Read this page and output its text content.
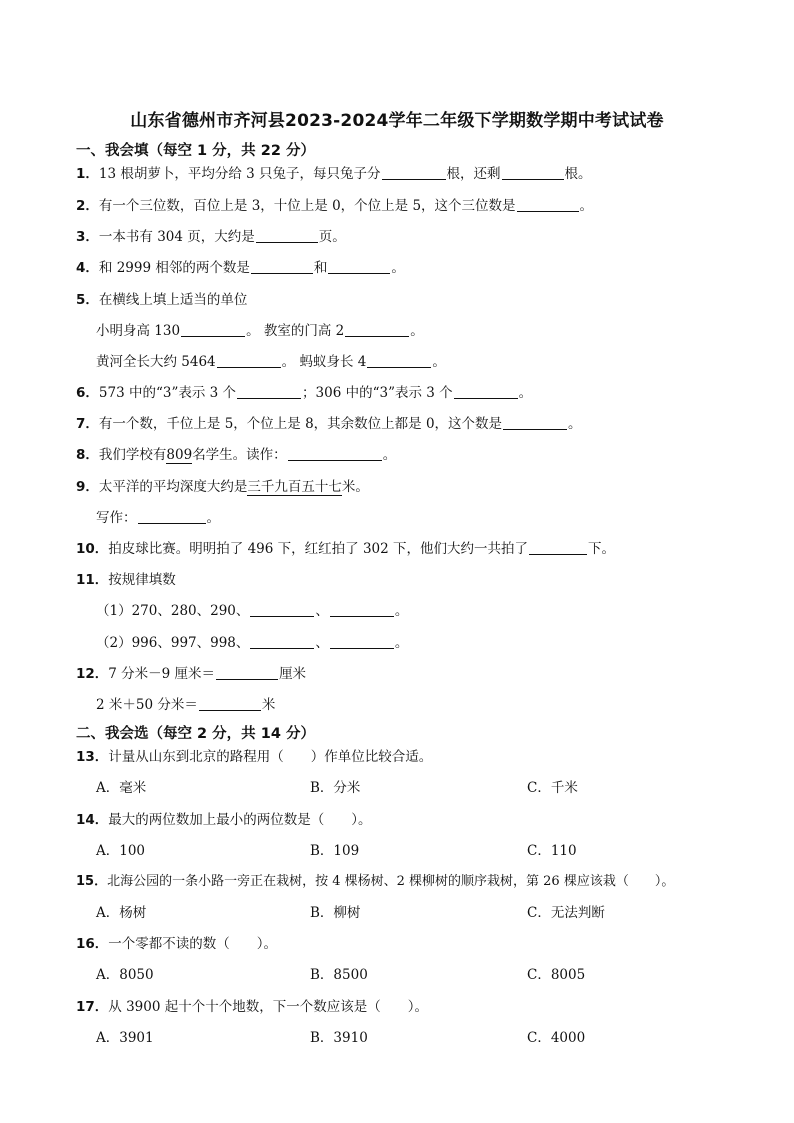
山东省德州市齐河县2023-2024学年二年级下学期数学期中考试试卷
一、我会填（每空 1 分，共 22 分）
1．13 根胡萝卜，平均分给 3 只兔子，每只兔子分	根，还剩	根。
2．有一个三位数，百位上是 3，十位上是 0，个位上是 5，这个三位数是	。
3．一本书有 304 页，大约是	页。
4．和 2999 相邻的两个数是	和	。
5．在横线上填上适当的单位
小明身高 130	。 教室的门高 2	。
黄河全长大约 5464	。 蚂蚁身长 4	。
6．573 中的“3”表示 3 个	；306 中的“3”表示 3 个	。
7．有一个数，千位上是 5，个位上是 8，其余数位上都是 0，这个数是	。
8．我们学校有809名学生。读作：	。
9．太平洋的平均深度大约是三千九百五十七米。
写作：	。
10．拍皮球比赛。明明拍了 496 下，红红拍了 302 下，他们大约一共拍了	下。
11．按规律填数
（1）270、280、290、	、	。
（2）996、997、998、	、	。
12．7 分米－9 厘米＝	厘米
2 米＋50 分米＝	米
二、我会选（每空 2 分，共 14 分）
13．计量从山东到北京的路程用（　　）作单位比较合适。
A．毫米	B．分米	C．千米
14．最大的两位数加上最小的两位数是（　　）。
A．100	B．109	C．110
15．北海公园的一条小路一旁正在栽树，按 4 棵杨树、2 棵柳树的顺序栽树，第 26 棵应该栽（　　）。
A．杨树	B．柳树	C．无法判断
16．一个零都不读的数（　　）。
A．8050	B．8500	C．8005
17．从 3900 起十个十个地数，下一个数应该是（　　）。
A．3901	B．3910	C．4000
